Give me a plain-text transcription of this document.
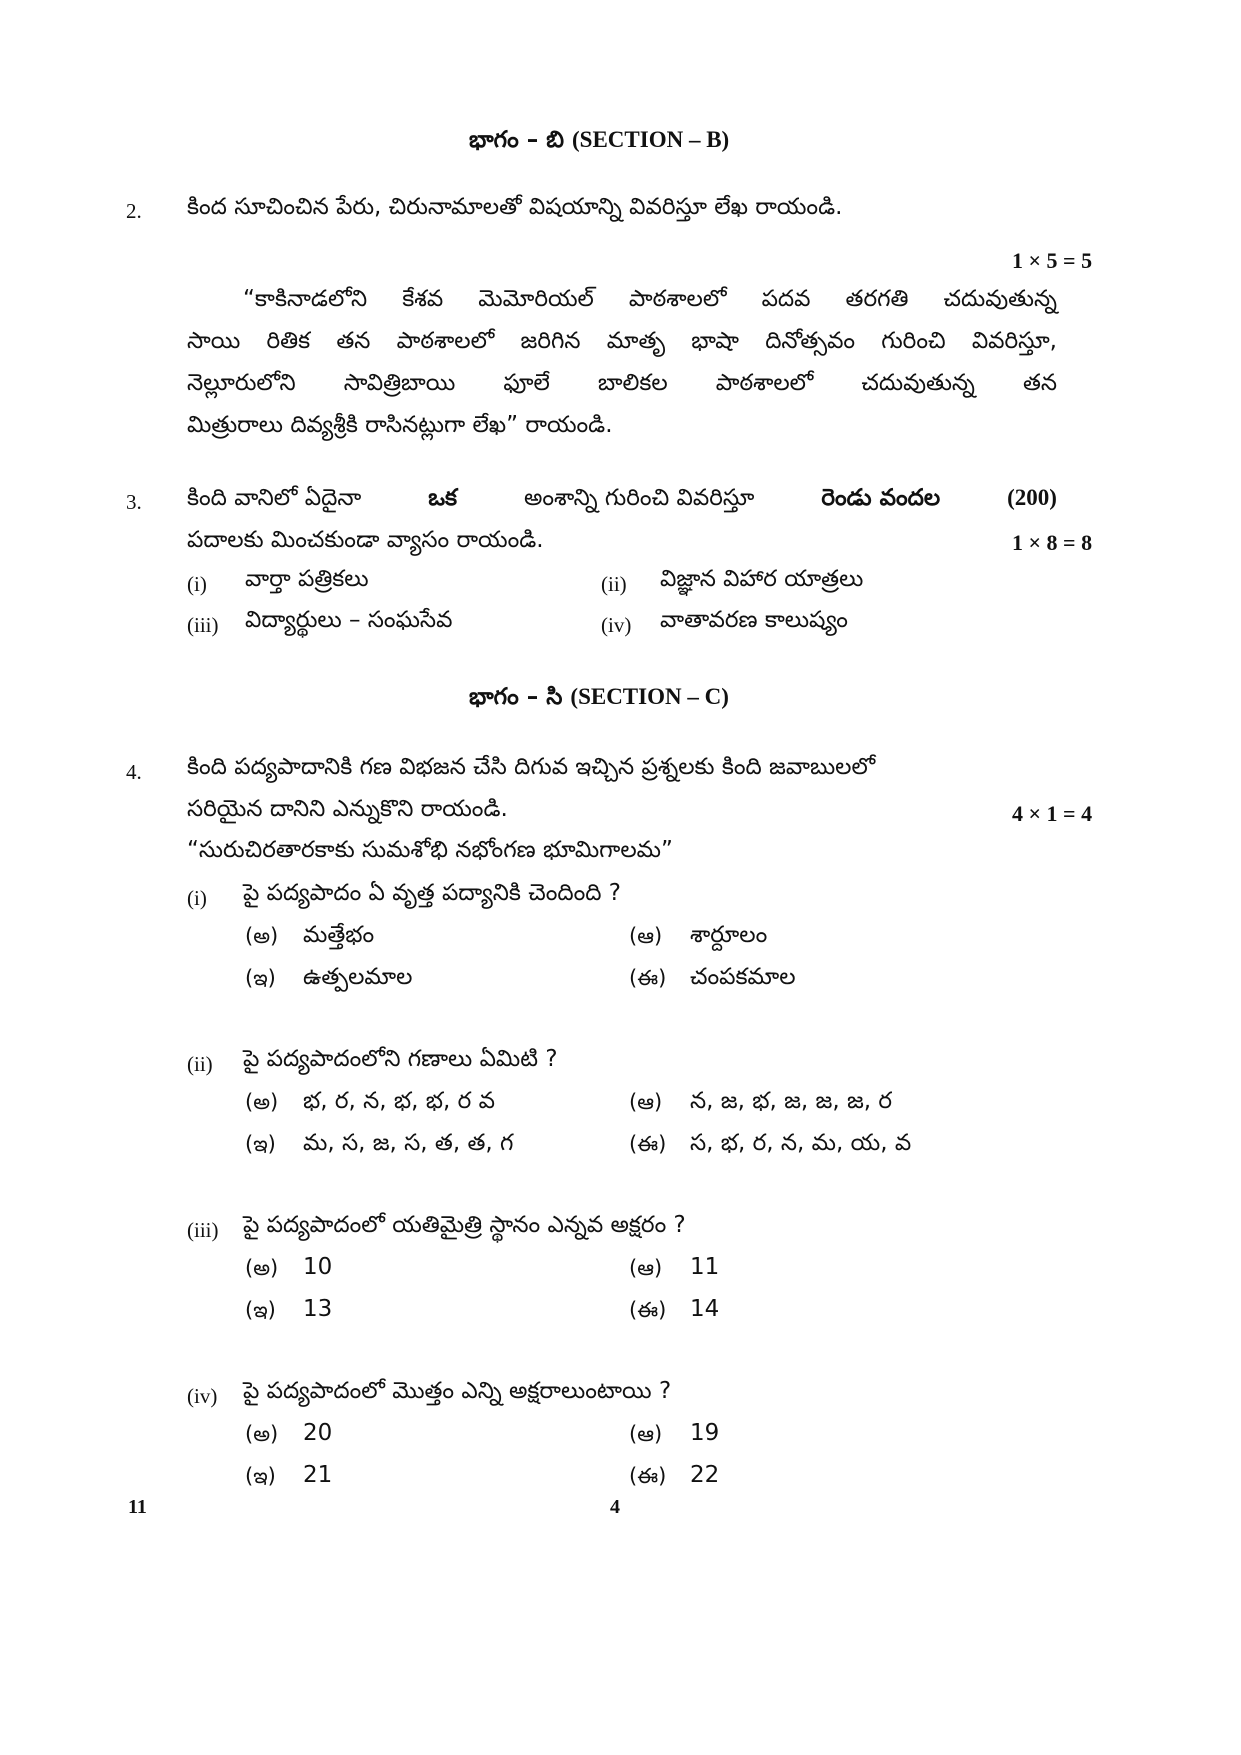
భాగం – బి (SECTION – B)
2. కింద సూచించిన పేరు, చిరునామాలతో విషయాన్ని వివరిస్తూ లేఖ రాయండి.
1 × 5 = 5
“కాకినాడలోని కేశవ మెమోరియల్ పాఠశాలలో పదవ తరగతి చదువుతున్న
సాయి రితిక తన పాఠశాలలో జరిగిన మాతృ భాషా దినోత్సవం గురించి వివరిస్తూ,
నెల్లూరులోని సావిత్రిబాయి ఫూలే బాలికల పాఠశాలలో చదువుతున్న తన
మిత్రురాలు దివ్యశ్రీకి రాసినట్లుగా లేఖ” రాయండి.
3. కింది వానిలో ఏదైనా	ఒక	అంశాన్ని గురించి వివరిస్తూ	రెండు వందల	(200)
పదాలకు మించకుండా వ్యాసం రాయండి.	1 × 8 = 8
(i) వార్తా పత్రికలు	(ii) విజ్ఞాన విహార యాత్రలు
(iii) విద్యార్థులు – సంఘసేవ	(iv) వాతావరణ కాలుష్యం
భాగం – సి (SECTION – C)
4. కింది పద్యపాదానికి గణ విభజన చేసి దిగువ ఇచ్చిన ప్రశ్నలకు కింది జవాబులలో
సరియైన దానిని ఎన్నుకొని రాయండి.	4 × 1 = 4
“సురుచిరతారకాకు సుమశోభి నభోంగణ భూమిగాలమ”
(i) పై పద్యపాదం ఏ వృత్త పద్యానికి చెందింది ?
(అ) మత్తేభం	(ఆ) శార్దూలం
(ఇ) ఉత్పలమాల	(ఈ) చంపకమాల
(ii) పై పద్యపాదంలోని గణాలు ఏమిటి ?
(అ) భ, ర, న, భ, భ, ర వ	(ఆ) న, జ, భ, జ, జ, జ, ర
(ఇ) మ, స, జ, స, త, త, గ	(ఈ) స, భ, ర, న, మ, య, వ
(iii) పై పద్యపాదంలో యతిమైత్రి స్థానం ఎన్నవ అక్షరం ?
(అ) 10	(ఆ) 11
(ఇ) 13	(ఈ) 14
(iv) పై పద్యపాదంలో మొత్తం ఎన్ని అక్షరాలుంటాయి ?
(అ) 20	(ఆ) 19
(ఇ) 21	(ఈ) 22
11	4
